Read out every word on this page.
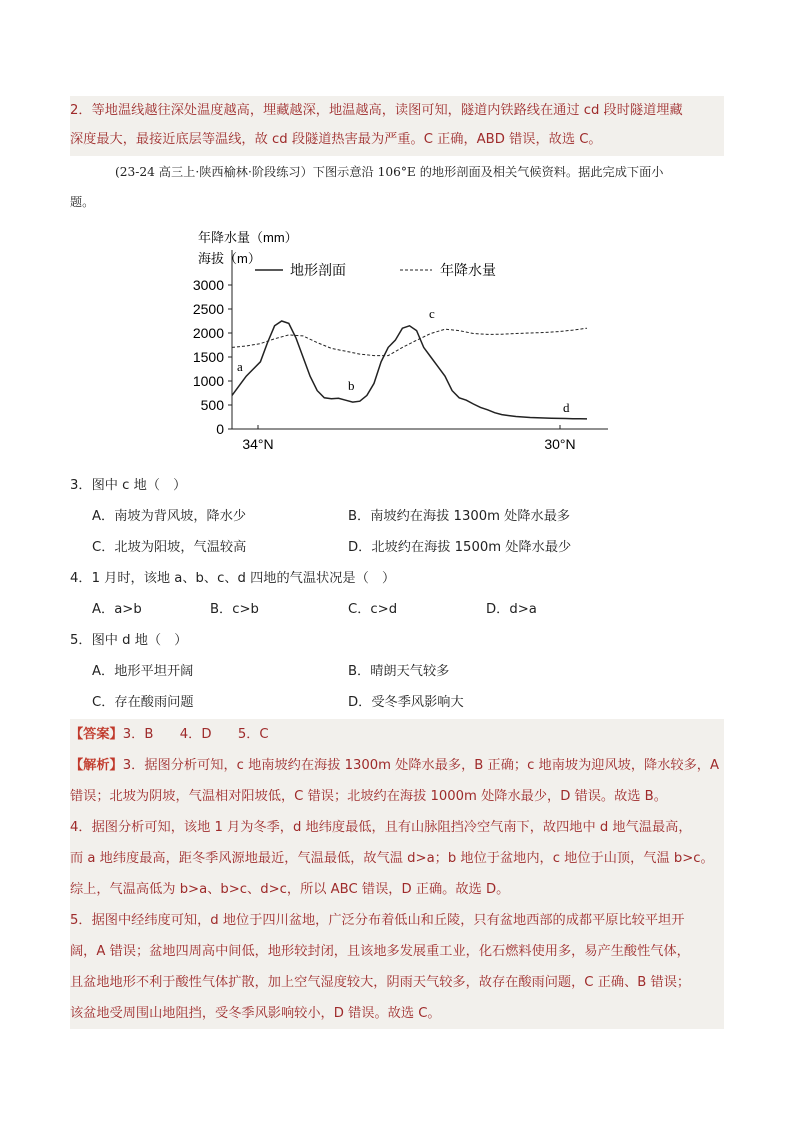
2．等地温线越往深处温度越高，埋藏越深，地温越高，读图可知，隧道内铁路线在通过 cd 段时隧道埋藏
深度最大，最接近底层等温线，故 cd 段隧道热害最为严重。C 正确，ABD 错误，故选 C。
(23-24 高三上·陕西榆林·阶段练习）下图示意沿 106°E 的地形剖面及相关气候资料。据此完成下面小
题。
年降水量（mm）
海拔（m）
3000
2500
2000
1500
1000
500
0
34°N	30°N
地形剖面	年降水量
a
b
c
d
3．图中 c 地（　）
A．南坡为背风坡，降水少	B．南坡约在海拔 1300m 处降水最多
C．北坡为阳坡，气温较高	D．北坡约在海拔 1500m 处降水最少
4．1 月时，该地 a、b、c、d 四地的气温状况是（　）
A．a>b	B．c>b	C．c>d	D．d>a
5．图中 d 地（　）
A．地形平坦开阔	B．晴朗天气较多
C．存在酸雨问题	D．受冬季风影响大
【答案】3．B　　4．D　　5．C
【解析】3．据图分析可知，c 地南坡约在海拔 1300m 处降水最多，B 正确；c 地南坡为迎风坡，降水较多，A
错误；北坡为阴坡，气温相对阳坡低，C 错误；北坡约在海拔 1000m 处降水最少，D 错误。故选 B。
4．据图分析可知，该地 1 月为冬季，d 地纬度最低，且有山脉阻挡冷空气南下，故四地中 d 地气温最高，
而 a 地纬度最高，距冬季风源地最近，气温最低，故气温 d>a；b 地位于盆地内，c 地位于山顶，气温 b>c。
综上，气温高低为 b>a、b>c、d>c，所以 ABC 错误，D 正确。故选 D。
5．据图中经纬度可知，d 地位于四川盆地，广泛分布着低山和丘陵，只有盆地西部的成都平原比较平坦开
阔，A 错误；盆地四周高中间低，地形较封闭，且该地多发展重工业，化石燃料使用多，易产生酸性气体，
且盆地地形不利于酸性气体扩散，加上空气湿度较大，阴雨天气较多，故存在酸雨问题，C 正确、B 错误；
该盆地受周围山地阻挡，受冬季风影响较小，D 错误。故选 C。
